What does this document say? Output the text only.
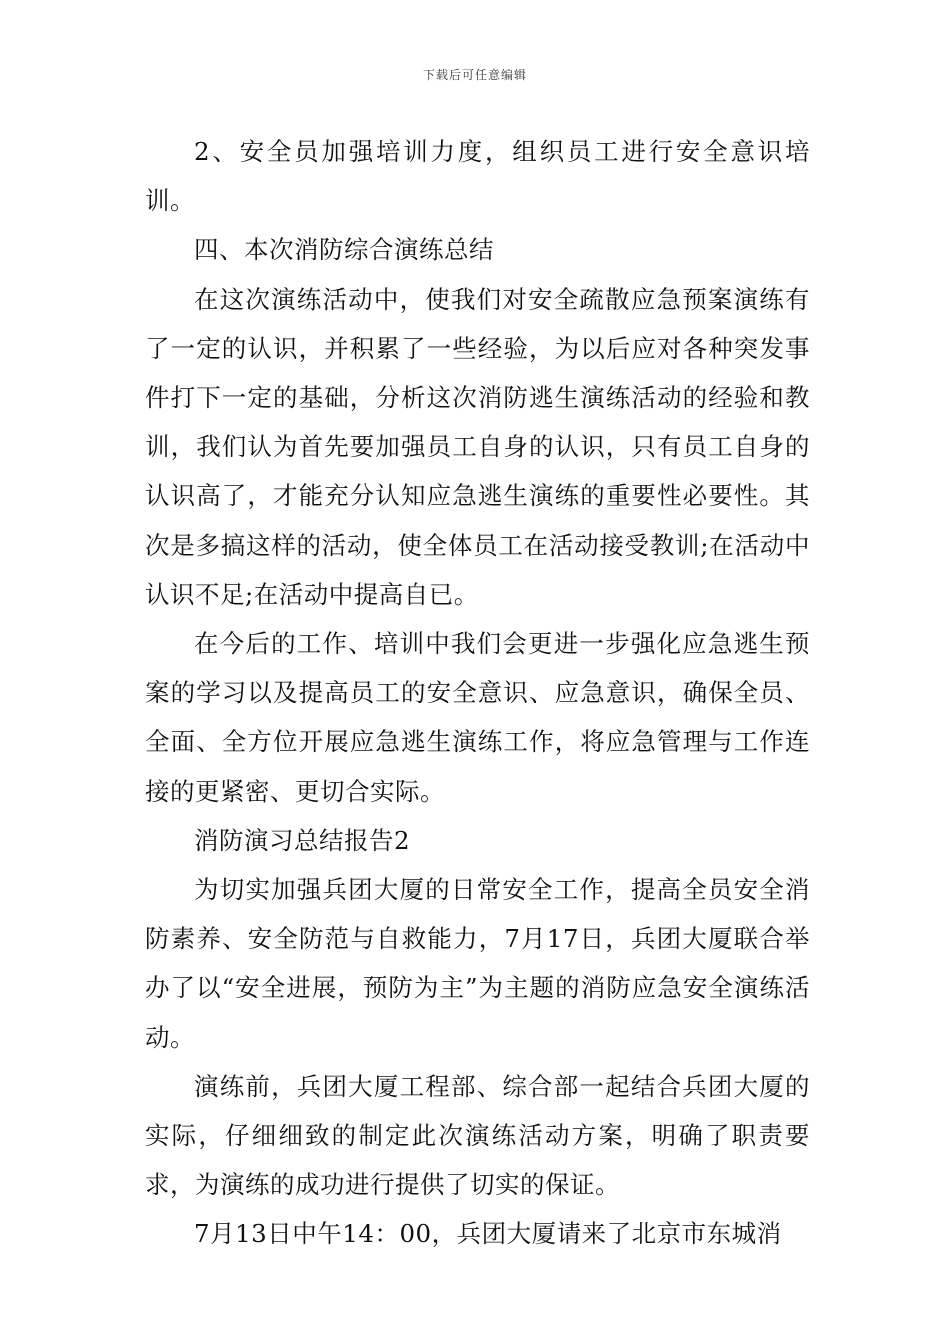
下载后可任意编辑

2、安全员加强培训力度，组织员工进行安全意识培训。

四、本次消防综合演练总结

在这次演练活动中，使我们对安全疏散应急预案演练有了一定的认识，并积累了一些经验，为以后应对各种突发事件打下一定的基础，分析这次消防逃生演练活动的经验和教训，我们认为首先要加强员工自身的认识，只有员工自身的认识高了，才能充分认知应急逃生演练的重要性必要性。其次是多搞这样的活动，使全体员工在活动接受教训;在活动中认识不足;在活动中提高自已。

在今后的工作、培训中我们会更进一步强化应急逃生预案的学习以及提高员工的安全意识、应急意识，确保全员、全面、全方位开展应急逃生演练工作，将应急管理与工作连接的更紧密、更切合实际。

消防演习总结报告2

为切实加强兵团大厦的日常安全工作，提高全员安全消防素养、安全防范与自救能力，7月17日，兵团大厦联合举办了以“安全进展，预防为主”为主题的消防应急安全演练活动。

演练前，兵团大厦工程部、综合部一起结合兵团大厦的实际，仔细细致的制定此次演练活动方案，明确了职责要求，为演练的成功进行提供了切实的保证。

7月13日中午14：00，兵团大厦请来了北京市东城消
